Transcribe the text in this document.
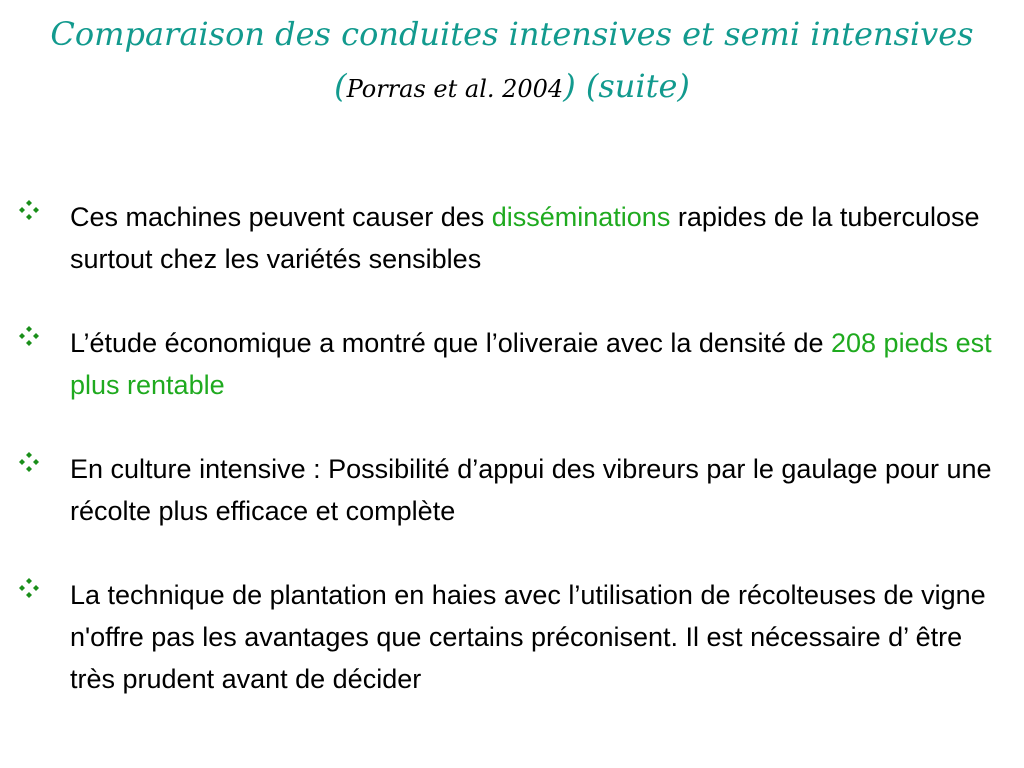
Comparaison des conduites intensives et semi intensives
(Porras et al. 2004) (suite)
Ces machines peuvent causer des disséminations rapides de la tuberculose surtout chez les variétés sensibles
L’étude économique a montré que l’oliveraie avec la densité de 208 pieds est plus rentable
En culture intensive : Possibilité d’appui des vibreurs par le gaulage pour une récolte plus efficace et complète
La technique de plantation en haies avec l’utilisation de récolteuses de vigne n'offre pas les avantages que certains préconisent. Il est nécessaire d’ être très prudent avant de décider
